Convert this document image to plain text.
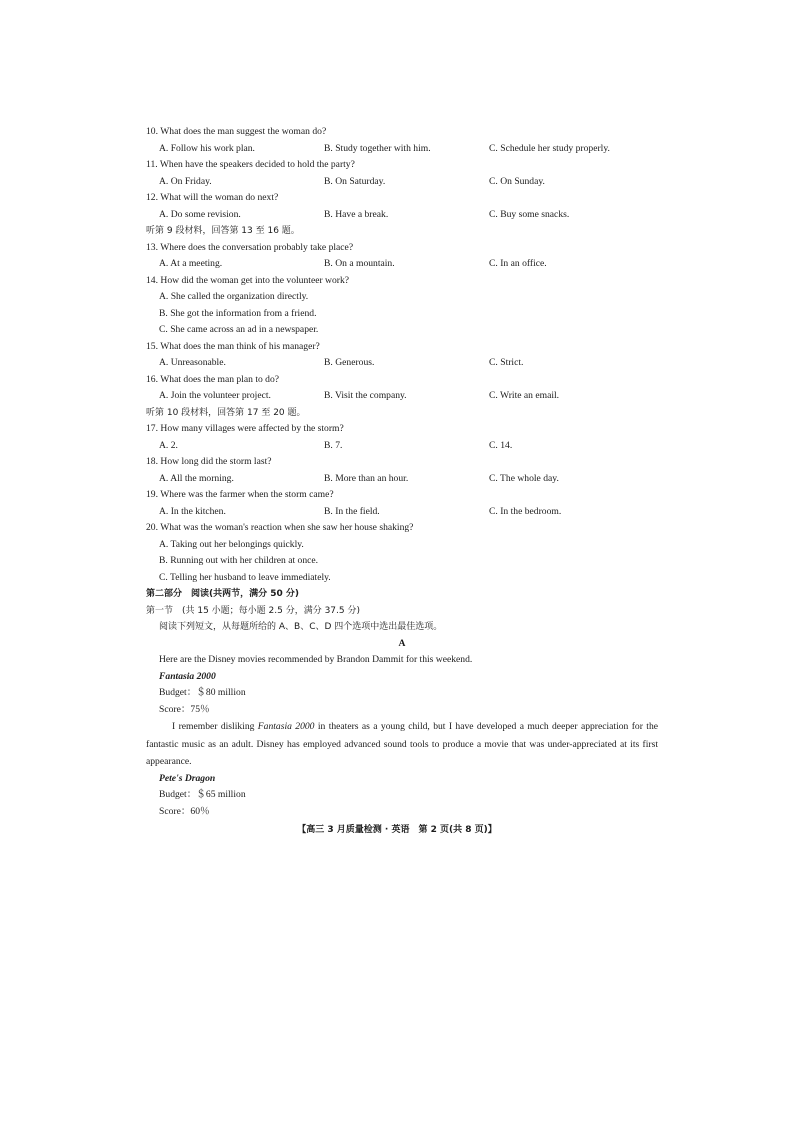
10. What does the man suggest the woman do?
A. Follow his work plan.	B. Study together with him.	C. Schedule her study properly.
11. When have the speakers decided to hold the party?
A. On Friday.	B. On Saturday.	C. On Sunday.
12. What will the woman do next?
A. Do some revision.	B. Have a break.	C. Buy some snacks.
听第 9 段材料，回答第 13 至 16 题。
13. Where does the conversation probably take place?
A. At a meeting.	B. On a mountain.	C. In an office.
14. How did the woman get into the volunteer work?
A. She called the organization directly.
B. She got the information from a friend.
C. She came across an ad in a newspaper.
15. What does the man think of his manager?
A. Unreasonable.	B. Generous.	C. Strict.
16. What does the man plan to do?
A. Join the volunteer project.	B. Visit the company.	C. Write an email.
听第 10 段材料，回答第 17 至 20 题。
17. How many villages were affected by the storm?
A. 2.	B. 7.	C. 14.
18. How long did the storm last?
A. All the morning.	B. More than an hour.	C. The whole day.
19. Where was the farmer when the storm came?
A. In the kitchen.	B. In the field.	C. In the bedroom.
20. What was the woman's reaction when she saw her house shaking?
A. Taking out her belongings quickly.
B. Running out with her children at once.
C. Telling her husband to leave immediately.
第二部分　阅读(共两节，满分 50 分)
第一节　(共 15 小题；每小题 2.5 分，满分 37.5 分)
阅读下列短文，从每题所给的 A、B、C、D 四个选项中选出最佳选项。
A
Here are the Disney movies recommended by Brandon Dammit for this weekend.
Fantasia 2000
Budget：＄80 million
Score：75％

I remember disliking Fantasia 2000 in theaters as a young child, but I have developed a much deeper appreciation for the fantastic music as an adult. Disney has employed advanced sound tools to produce a movie that was under-appreciated at its first appearance.

Pete's Dragon
Budget：＄65 million
Score：60％
【高三 3 月质量检测 · 英语　第 2 页(共 8 页)】
